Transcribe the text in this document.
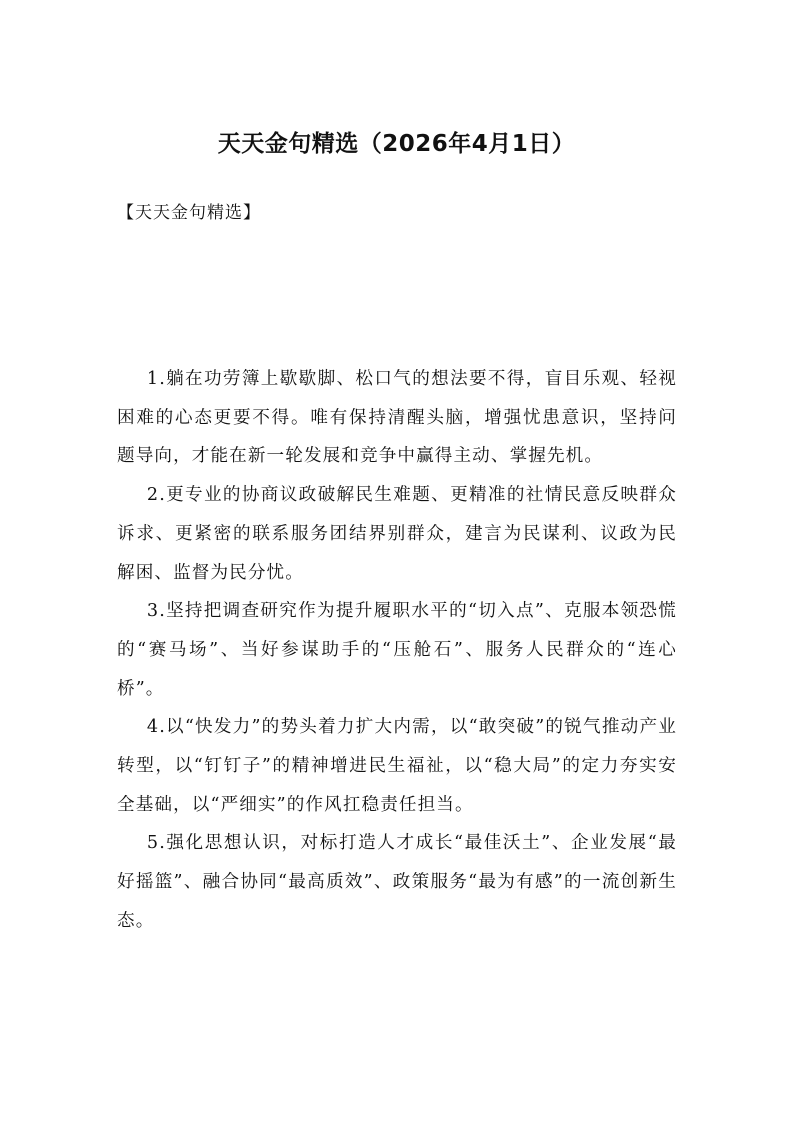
天天金句精选（2026年4月1日）
【天天金句精选】

1.躺在功劳簿上歇歇脚、松口气的想法要不得，盲目乐观、轻视困难的心态更要不得。唯有保持清醒头脑，增强忧患意识，坚持问题导向，才能在新一轮发展和竞争中赢得主动、掌握先机。

2.更专业的协商议政破解民生难题、更精准的社情民意反映群众诉求、更紧密的联系服务团结界别群众，建言为民谋利、议政为民解困、监督为民分忧。

3.坚持把调查研究作为提升履职水平的“切入点”、克服本领恐慌的“赛马场”、当好参谋助手的“压舱石”、服务人民群众的“连心桥”。

4.以“快发力”的势头着力扩大内需，以“敢突破”的锐气推动产业转型，以“钉钉子”的精神增进民生福祉，以“稳大局”的定力夯实安全基础，以“严细实”的作风扛稳责任担当。

5.强化思想认识，对标打造人才成长“最佳沃土”、企业发展“最好摇篮”、融合协同“最高质效”、政策服务“最为有感”的一流创新生态。
